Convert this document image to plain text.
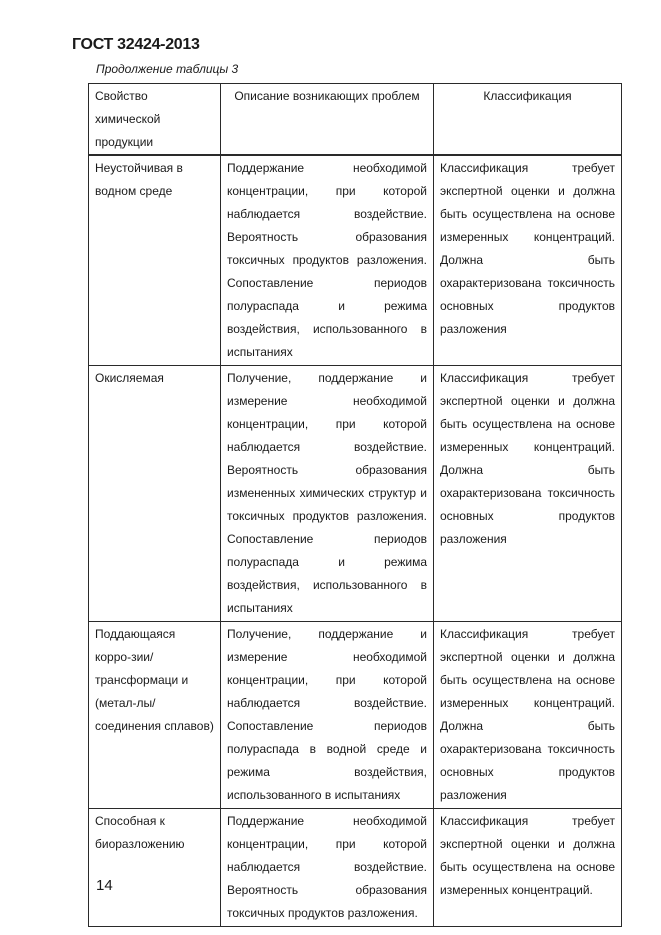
ГОСТ 32424-2013
Продолжение таблицы 3
Свойство химической продукции	Описание возникающих проблем	Классификация
Неустойчивая в водном среде	Поддержание необходимой концентрации, при которой наблюдается воздействие. Вероятность образования токсичных продуктов разложения. Сопоставление периодов полураспада и режима воздействия, использованного в испытаниях	Классификация требует экспертной оценки и должна быть осуществлена на основе измеренных концентраций. Должна быть охарактеризована токсичность основных продуктов разложения
Окисляемая	Получение, поддержание и измерение необходимой концентрации, при которой наблюдается воздействие. Вероятность образования измененных химических структур и токсичных продуктов разложения. Сопоставление периодов полураспада и режима воздействия, использованного в испытаниях	Классификация требует экспертной оценки и должна быть осуществлена на основе измеренных концентраций. Должна быть охарактеризована токсичность основных продуктов разложения
Поддающаяся корро-зии/трансформаци и (метал-лы/соединения сплавов)	Получение, поддержание и измерение необходимой концентрации, при которой наблюдается воздействие. Сопоставление периодов полураспада в водной среде и режима воздействия, использованного в испытаниях	Классификация требует экспертной оценки и должна быть осуществлена на основе измеренных концентраций. Должна быть охарактеризована токсичность основных продуктов разложения
Способная к биоразложению	Поддержание необходимой концентрации, при которой наблюдается воздействие. Вероятность образования токсичных продуктов разложения.	Классификация требует экспертной оценки и должна быть осуществлена на основе измеренных концентраций.
14
